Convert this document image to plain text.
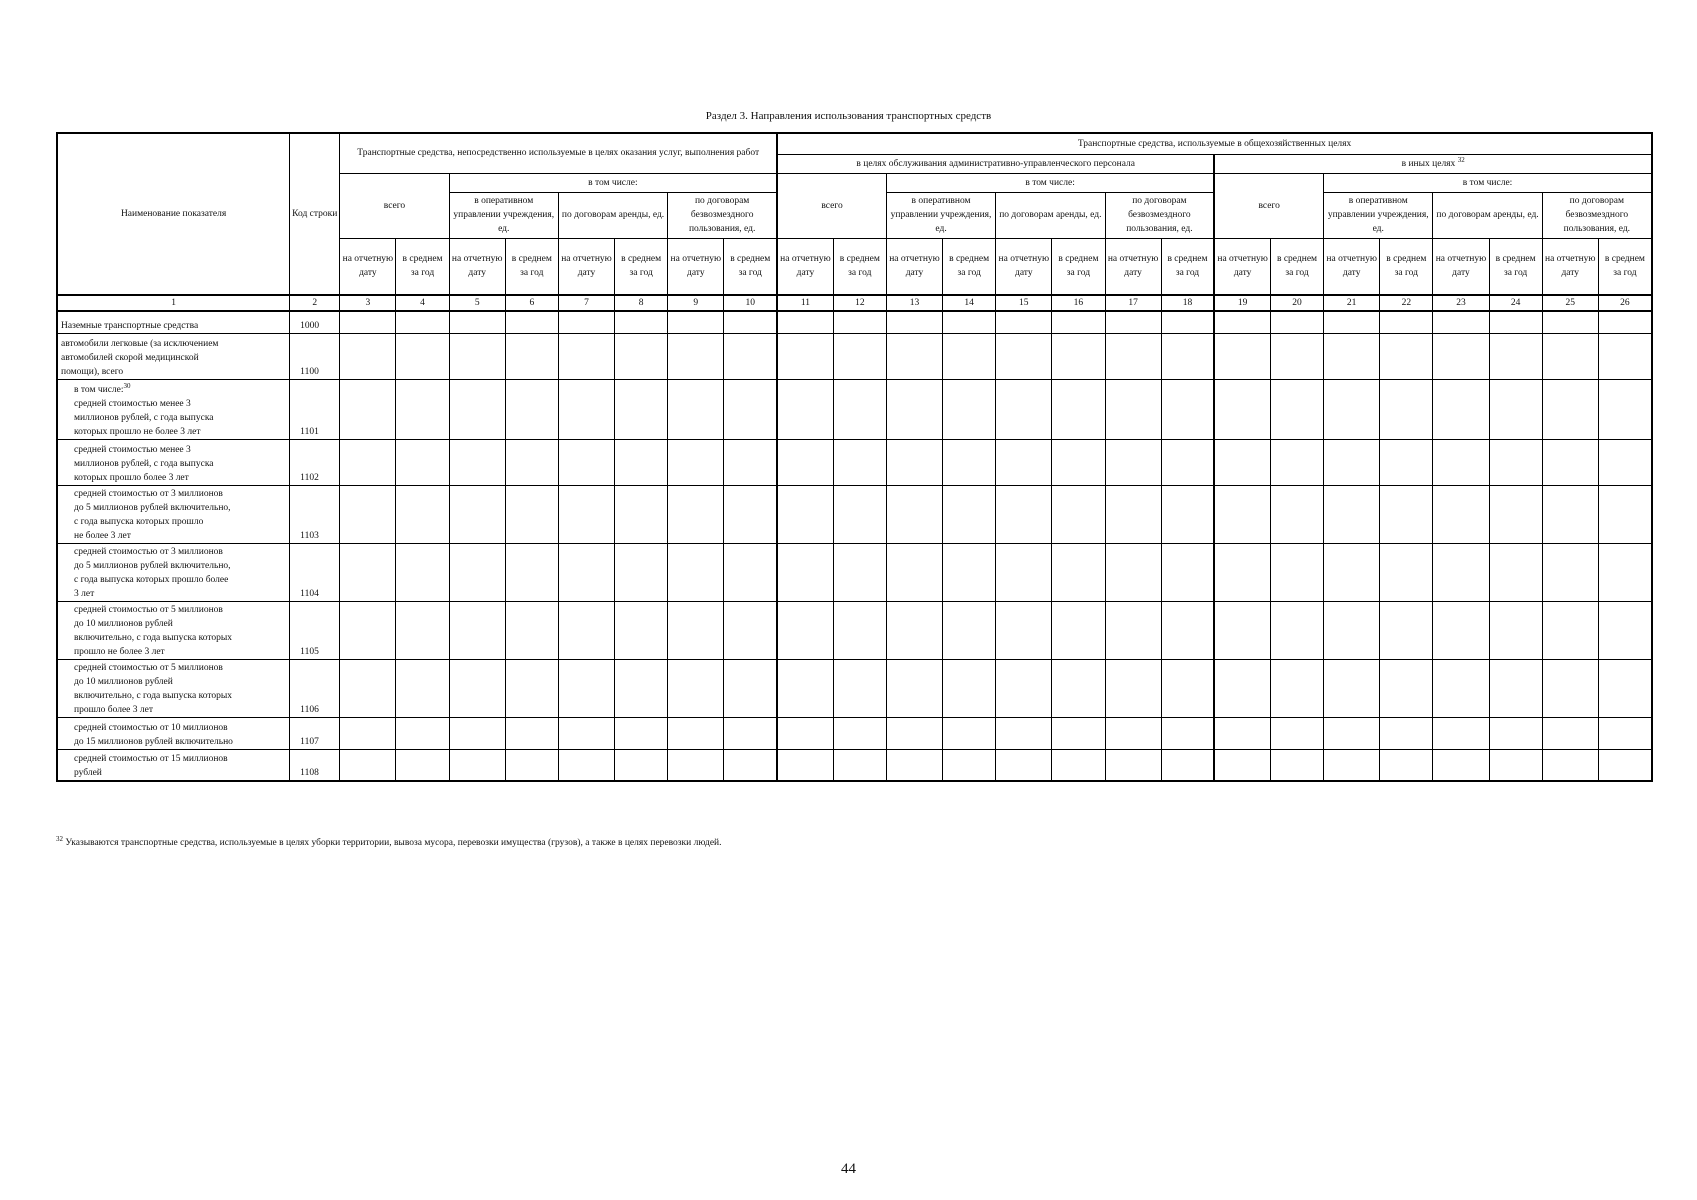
Раздел 3. Направления использования транспортных средств
Наименование показателя	Код строки	Транспортные средства, непосредственно используемые в целях оказания услуг, выполнения работ								Транспортные средства, используемые в общехозяйственных целях															
										в целях обслуживания административно-управленческого персонала								в иных целях $^{32}$
		всего		в том числе:						всего		в том числе:						всего		в том числе:					
				в оперативном управлении учреждения, ед.		по договорам аренды, ед.		по договорам безвозмездного пользования, ед.				в оперативном управлении учреждения, ед.		по договорам аренды, ед.		по договорам безвозмездного пользования, ед.				в оперативном управлении учреждения, ед.		по договорам аренды, ед.		по договорам безвозмездного пользования, ед.	
		на отчетную дату	в среднем за год	на отчетную дату	в среднем за год	на отчетную дату	в среднем за год	на отчетную дату	в среднем за год	на отчетную дату	в среднем за год	на отчетную дату	в среднем за год	на отчетную дату	в среднем за год	на отчетную дату	в среднем за год	на отчетную дату	в среднем за год	на отчетную дату	в среднем за год	на отчетную дату	в среднем за год	на отчетную дату	в среднем за год
1	2	3	4	5	6	7	8	9	10	11	12	13	14	15	16	17	18	19	20	21	22	23	24	25	26

Наземные транспортные средства	1000																								

автомобили легковые (за исключением
автомобилей скорой медицинской
помощи), всего	1100																								

в том числе:$^{30}$
средней стоимостью менее 3
миллионов рублей, с года выпуска
которых прошло не более 3 лет	1101																								

средней стоимостью менее 3
миллионов рублей, с года выпуска
которых прошло более 3 лет	1102																								

средней стоимостью от 3 миллионов
до 5 миллионов рублей включительно,
с года выпуска которых прошло
не более 3 лет	1103																								

средней стоимостью от 3 миллионов
до 5 миллионов рублей включительно,
с года выпуска которых прошло более
3 лет	1104																								

средней стоимостью от 5 миллионов
до 10 миллионов рублей
включительно, с года выпуска которых
прошло не более 3 лет	1105																								

средней стоимостью от 5 миллионов
до 10 миллионов рублей
включительно, с года выпуска которых
прошло более 3 лет	1106																								

средней стоимостью от 10 миллионов
до 15 миллионов рублей включительно	1107																								

средней стоимостью от 15 миллионов
рублей	1108																								
$^{32}$ Указываются транспортные средства, используемые в целях уборки территории, вывоза мусора, перевозки имущества (грузов), а также в целях перевозки людей.
44
